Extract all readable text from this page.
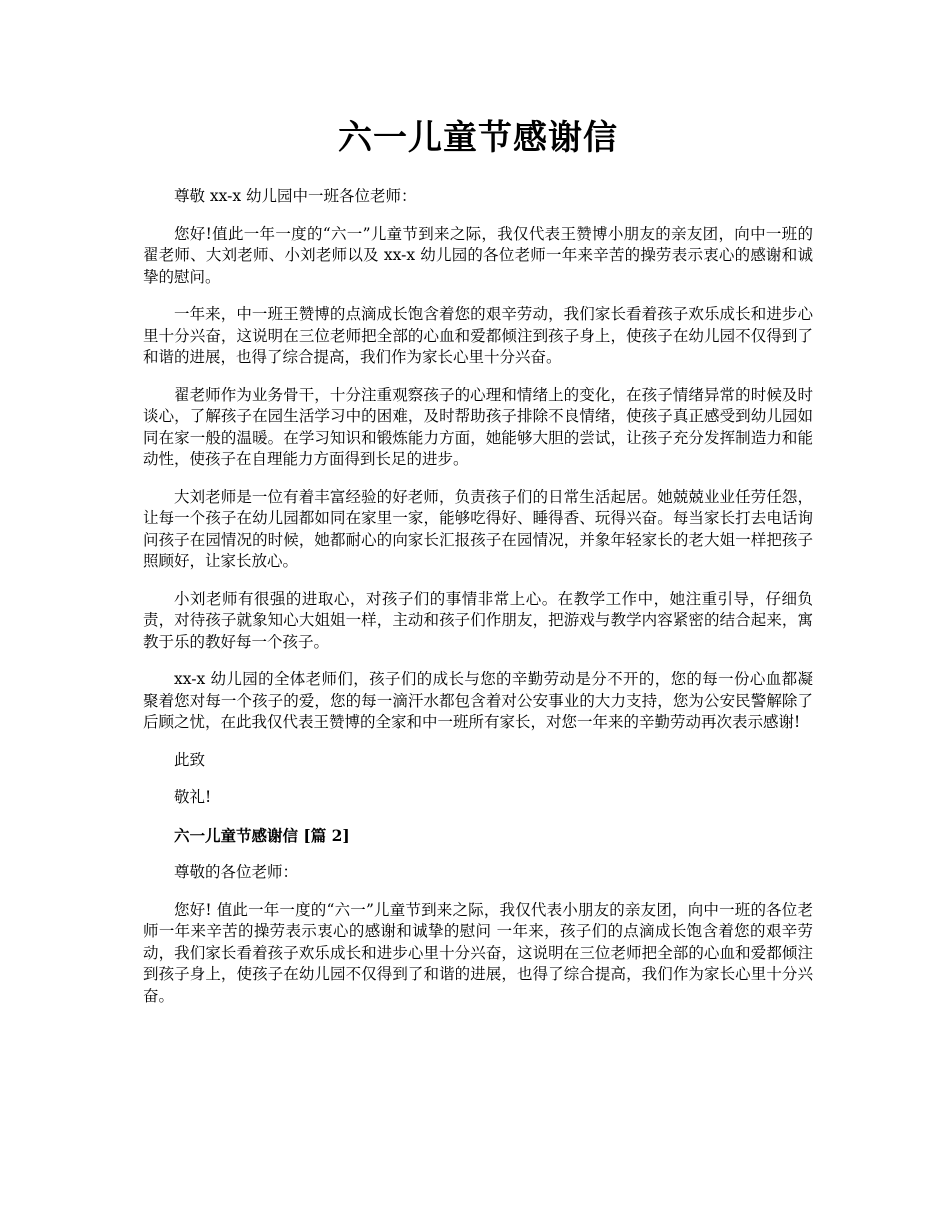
六一儿童节感谢信

尊敬 xx-x 幼儿园中一班各位老师：

您好!值此一年一度的“六一”儿童节到来之际，我仅代表王赞博小朋友的亲友团，向中一班的翟老师、大刘老师、小刘老师以及 xx-x 幼儿园的各位老师一年来辛苦的操劳表示衷心的感谢和诚挚的慰问。

一年来，中一班王赞博的点滴成长饱含着您的艰辛劳动，我们家长看着孩子欢乐成长和进步心里十分兴奋，这说明在三位老师把全部的心血和爱都倾注到孩子身上，使孩子在幼儿园不仅得到了和谐的进展，也得了综合提高，我们作为家长心里十分兴奋。

翟老师作为业务骨干，十分注重观察孩子的心理和情绪上的变化，在孩子情绪异常的时候及时谈心，了解孩子在园生活学习中的困难，及时帮助孩子排除不良情绪，使孩子真正感受到幼儿园如同在家一般的温暖。在学习知识和锻炼能力方面，她能够大胆的尝试，让孩子充分发挥制造力和能动性，使孩子在自理能力方面得到长足的进步。

大刘老师是一位有着丰富经验的好老师，负责孩子们的日常生活起居。她兢兢业业任劳任怨，让每一个孩子在幼儿园都如同在家里一家，能够吃得好、睡得香、玩得兴奋。每当家长打去电话询问孩子在园情况的时候，她都耐心的向家长汇报孩子在园情况，并象年轻家长的老大姐一样把孩子照顾好，让家长放心。

小刘老师有很强的进取心，对孩子们的事情非常上心。在教学工作中，她注重引导，仔细负责，对待孩子就象知心大姐姐一样，主动和孩子们作朋友，把游戏与教学内容紧密的结合起来，寓教于乐的教好每一个孩子。

xx-x 幼儿园的全体老师们，孩子们的成长与您的辛勤劳动是分不开的，您的每一份心血都凝聚着您对每一个孩子的爱，您的每一滴汗水都包含着对公安事业的大力支持，您为公安民警解除了后顾之忧，在此我仅代表王赞博的全家和中一班所有家长，对您一年来的辛勤劳动再次表示感谢!

此致

敬礼!

六一儿童节感谢信 [篇 2]

尊敬的各位老师：

您好! 值此一年一度的“六一”儿童节到来之际，我仅代表小朋友的亲友团，向中一班的各位老师一年来辛苦的操劳表示衷心的感谢和诚挚的慰问 一年来，孩子们的点滴成长饱含着您的艰辛劳动，我们家长看着孩子欢乐成长和进步心里十分兴奋，这说明在三位老师把全部的心血和爱都倾注到孩子身上，使孩子在幼儿园不仅得到了和谐的进展，也得了综合提高，我们作为家长心里十分兴奋。
